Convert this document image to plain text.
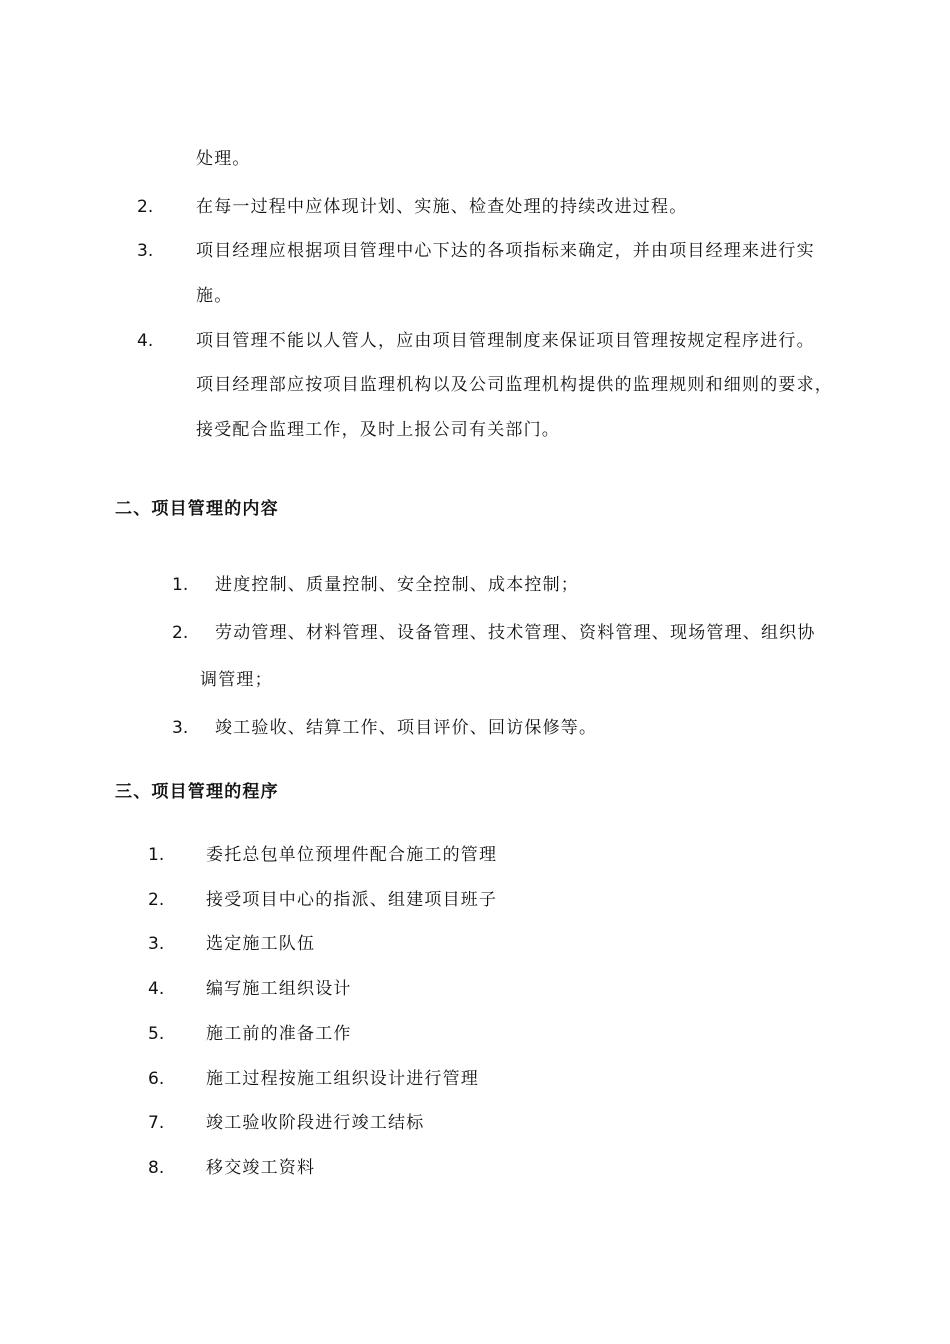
处理。
2.	在每一过程中应体现计划、实施、检查处理的持续改进过程。
3.	项目经理应根据项目管理中心下达的各项指标来确定，并由项目经理来进行实
施。
4.	项目管理不能以人管人，应由项目管理制度来保证项目管理按规定程序进行。
项目经理部应按项目监理机构以及公司监理机构提供的监理规则和细则的要求，
接受配合监理工作，及时上报公司有关部门。
二、项目管理的内容
1. 进度控制、质量控制、安全控制、成本控制；
2. 劳动管理、材料管理、设备管理、技术管理、资料管理、现场管理、组织协
调管理；
3. 竣工验收、结算工作、项目评价、回访保修等。
三、项目管理的程序
1. 委托总包单位预埋件配合施工的管理
2. 接受项目中心的指派、组建项目班子
3. 选定施工队伍
4. 编写施工组织设计
5. 施工前的准备工作
6. 施工过程按施工组织设计进行管理
7. 竣工验收阶段进行竣工结标
8. 移交竣工资料
